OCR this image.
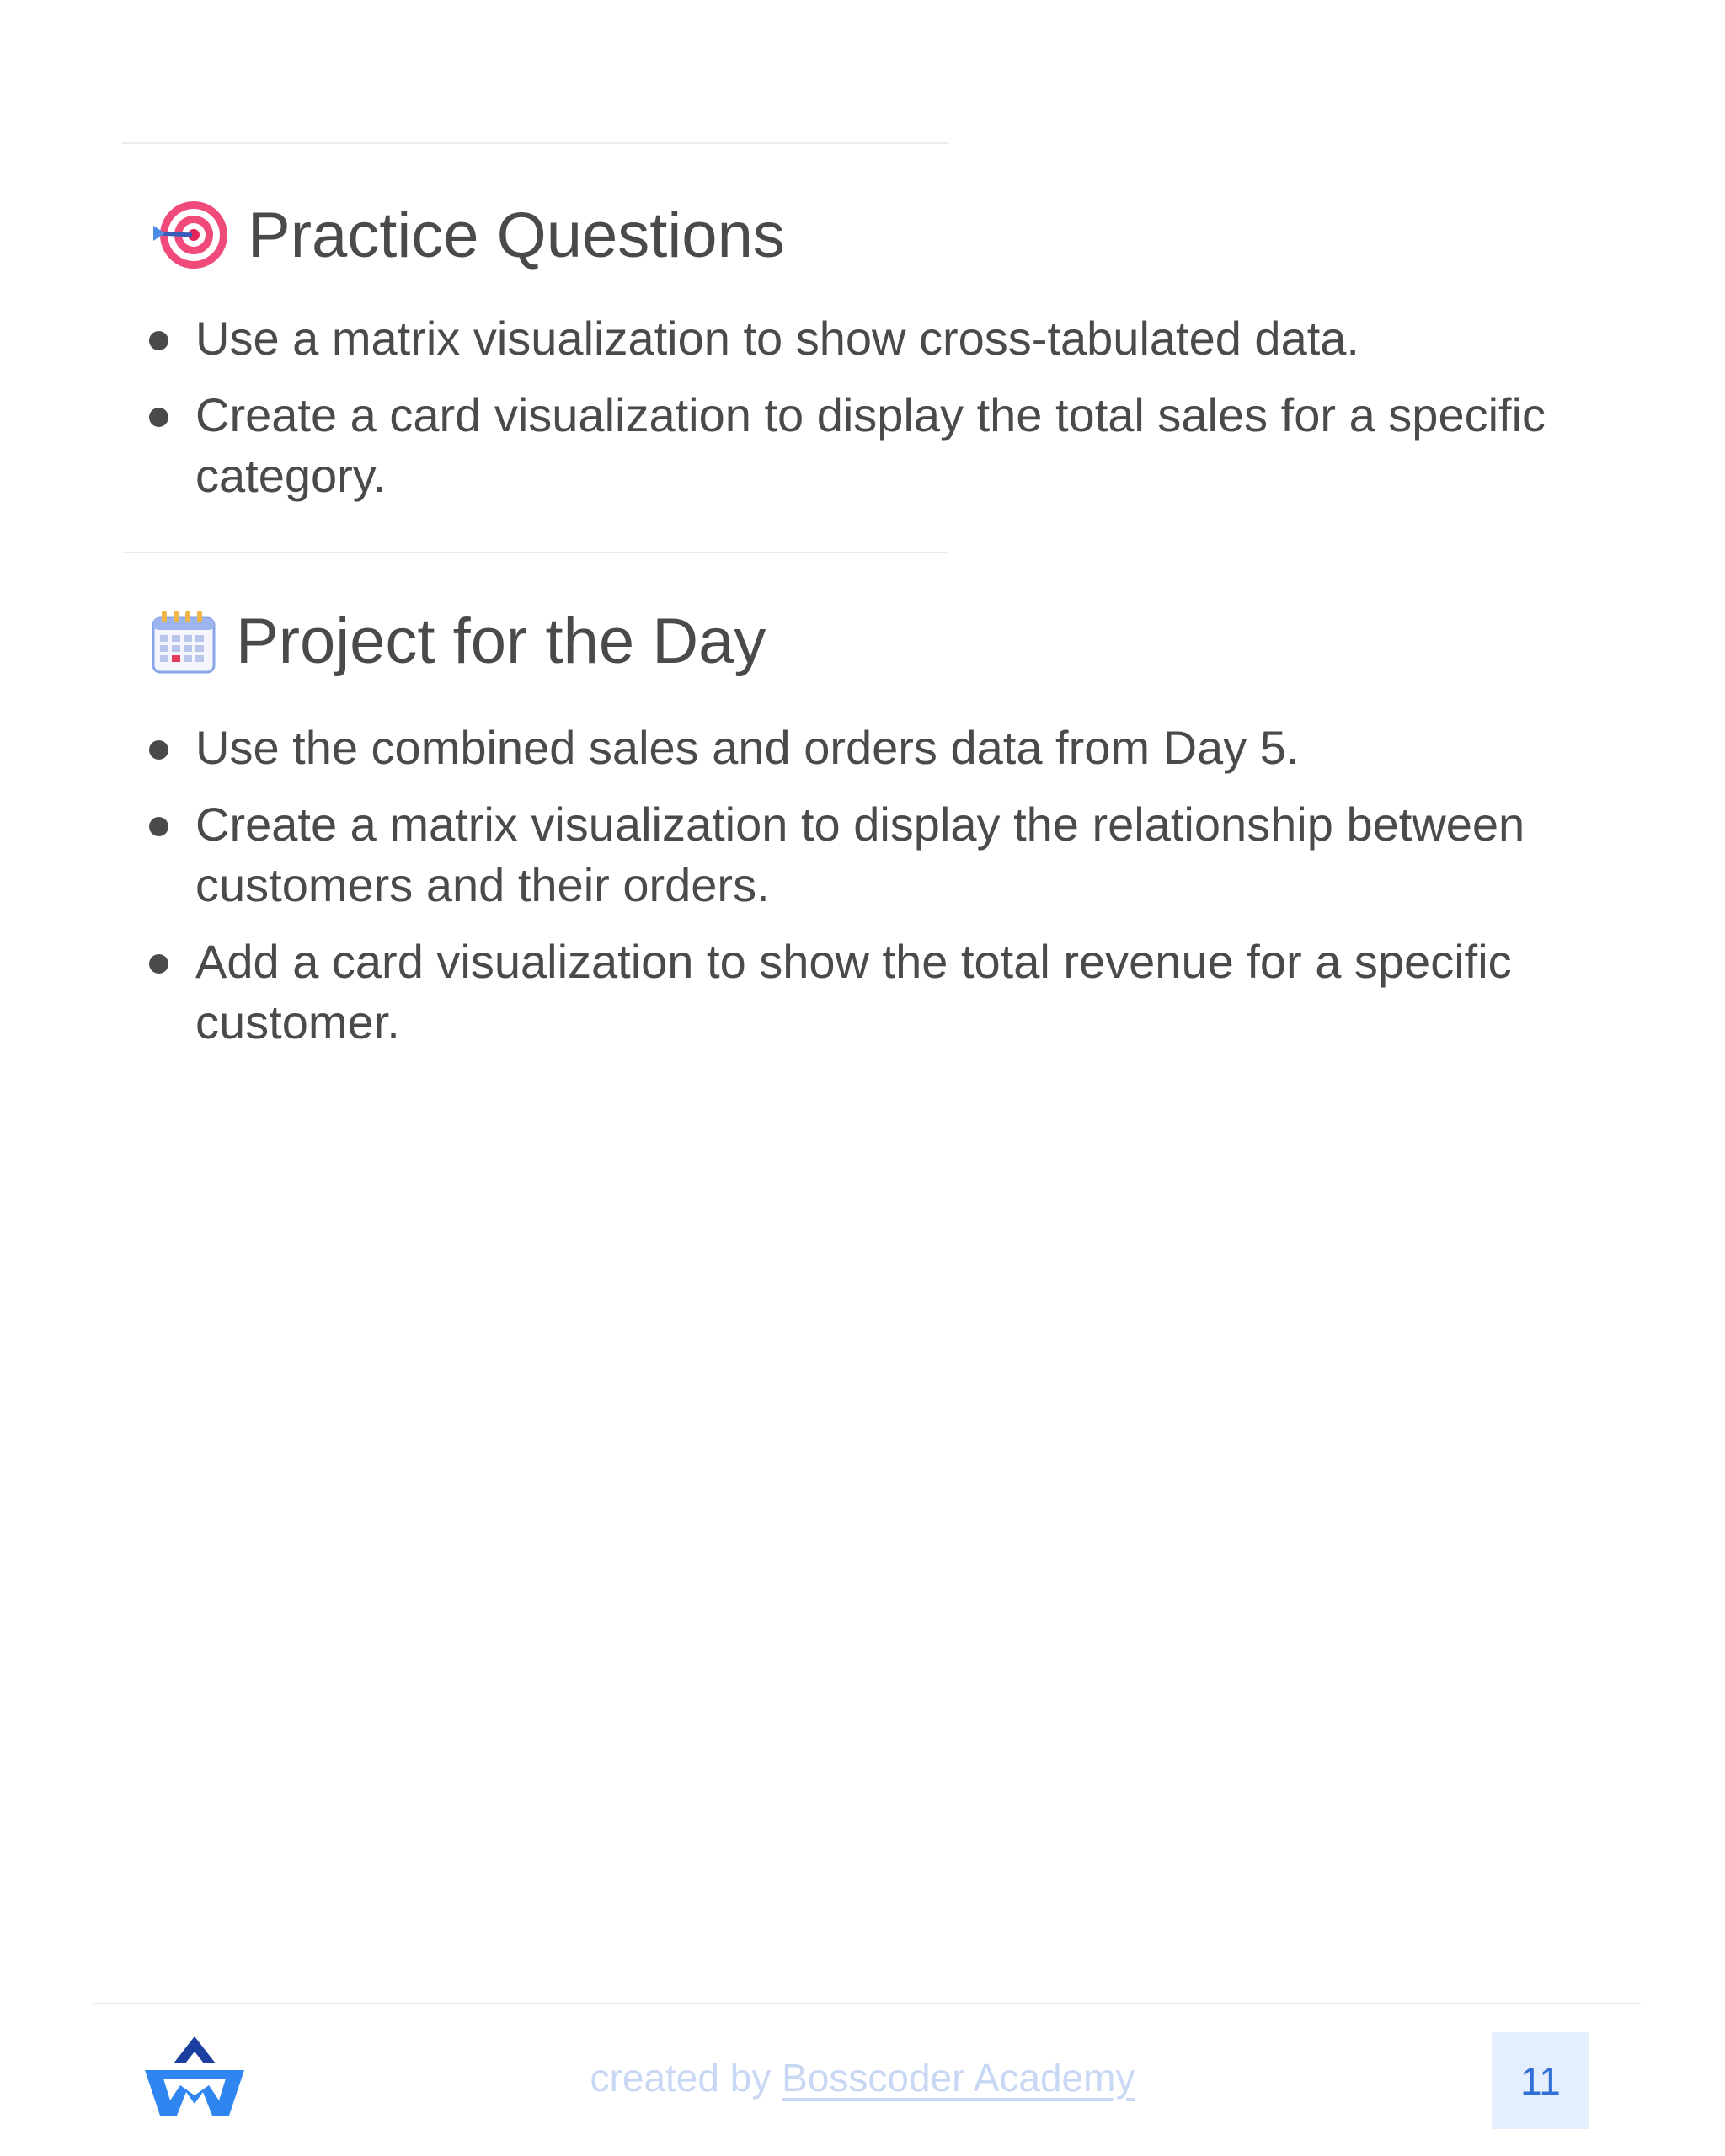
Practice Questions
Use a matrix visualization to show cross-tabulated data.
Create a card visualization to display the total sales for a specific category.
Project for the Day
Use the combined sales and orders data from Day 5.
Create a matrix visualization to display the relationship between customers and their orders.
Add a card visualization to show the total revenue for a specific customer.
created by Bosscoder Academy	11
